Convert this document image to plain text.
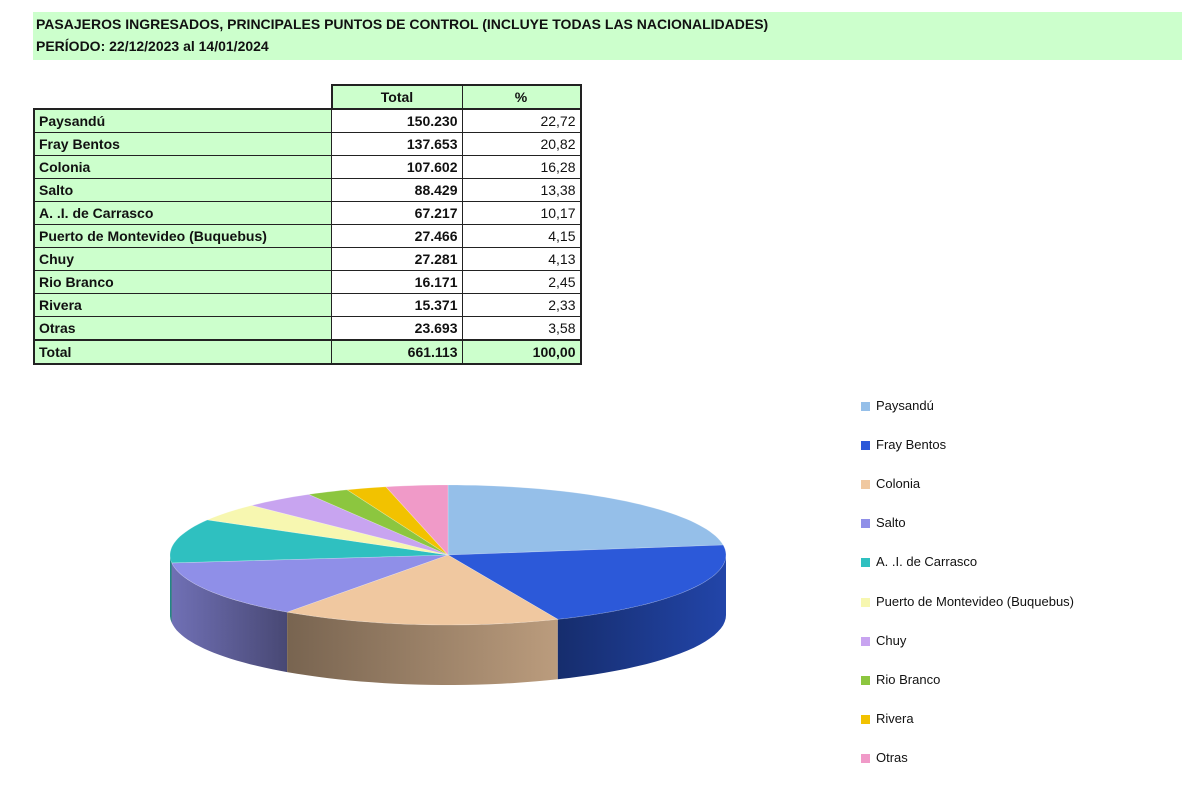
PASAJEROS INGRESADOS, PRINCIPALES PUNTOS DE CONTROL (INCLUYE TODAS LAS NACIONALIDADES)
PERÍODO: 22/12/2023 al 14/01/2024
	Total	%
Paysandú	150.230	22,72
Fray Bentos	137.653	20,82
Colonia	107.602	16,28
Salto	88.429	13,38
A. .I. de Carrasco	67.217	10,17
Puerto de Montevideo (Buquebus)	27.466	4,15
Chuy	27.281	4,13
Rio Branco	16.171	2,45
Rivera	15.371	2,33
Otras	23.693	3,58
Total	661.113	100,00
Paysandú
Fray Bentos
Colonia
Salto
A. .I. de Carrasco
Puerto de Montevideo (Buquebus)
Chuy
Rio Branco
Rivera
Otras
